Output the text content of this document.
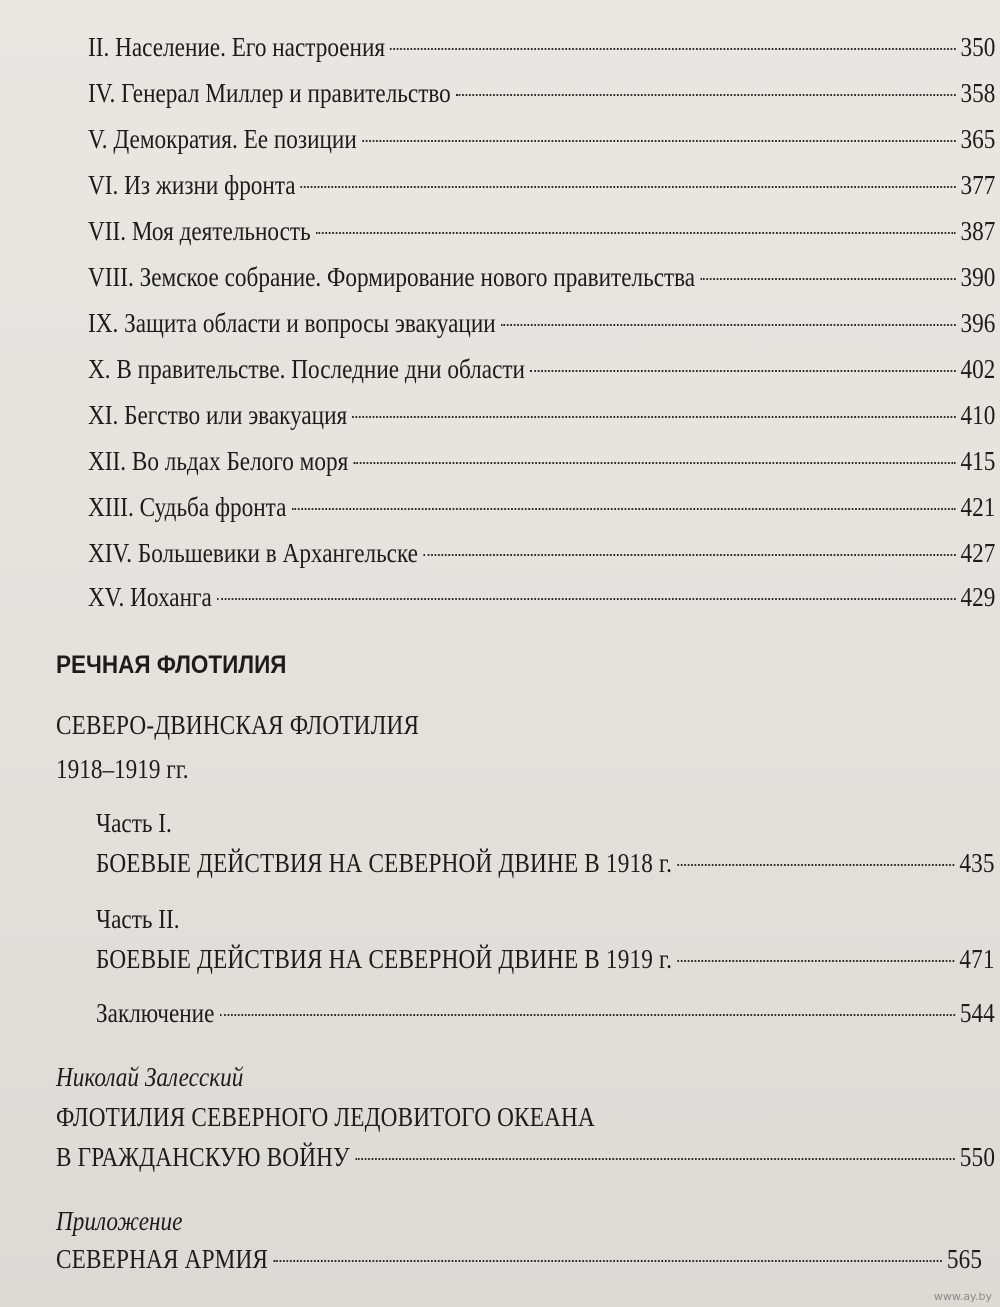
II. Население. Его настроения	350
IV. Генерал Миллер и правительство	358
V. Демократия. Ее позиции	365
VI. Из жизни фронта	377
VII. Моя деятельность	387
VIII. Земское собрание. Формирование нового правительства	390
IX. Защита области и вопросы эвакуации	396
X. В правительстве. Последние дни области	402
XI. Бегство или эвакуация	410
XII. Во льдах Белого моря	415
XIII. Судьба фронта	421
XIV. Большевики в Архангельске	427
XV. Иоханга	429
РЕЧНАЯ ФЛОТИЛИЯ
СЕВЕРО-ДВИНСКАЯ ФЛОТИЛИЯ
1918–1919 гг.
Часть I.
БОЕВЫЕ ДЕЙСТВИЯ НА СЕВЕРНОЙ ДВИНЕ В 1918 г.	435
Часть II.
БОЕВЫЕ ДЕЙСТВИЯ НА СЕВЕРНОЙ ДВИНЕ В 1919 г.	471
Заключение	544
Николай Залесский
ФЛОТИЛИЯ СЕВЕРНОГО ЛЕДОВИТОГО ОКЕАНА
В ГРАЖДАНСКУЮ ВОЙНУ	550
Приложение
СЕВЕРНАЯ АРМИЯ	565
www.ay.by
